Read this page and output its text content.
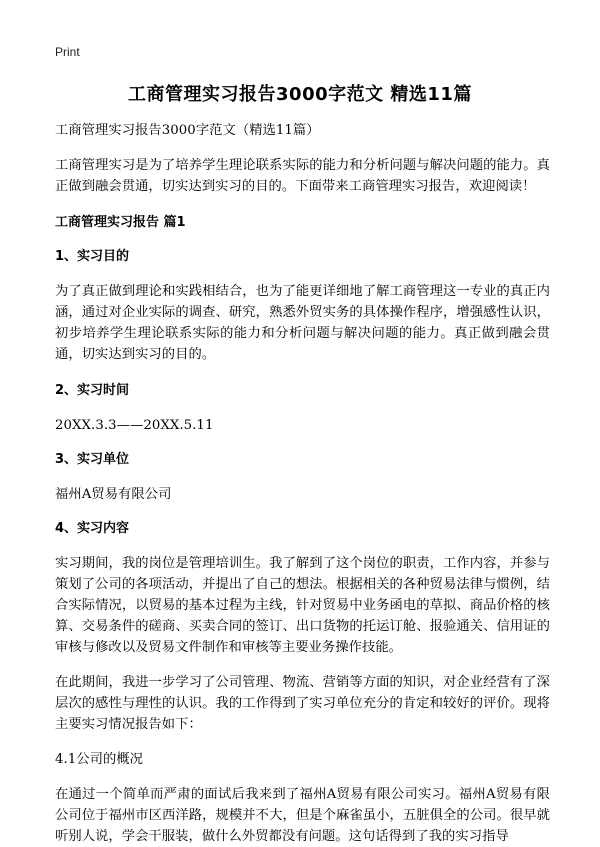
Print
工商管理实习报告3000字范文 精选11篇

工商管理实习报告3000字范文（精选11篇）

工商管理实习是为了培养学生理论联系实际的能力和分析问题与解决问题的能力。真正做到融会贯通，切实达到实习的目的。下面带来工商管理实习报告，欢迎阅读！

工商管理实习报告 篇1

1、实习目的

为了真正做到理论和实践相结合，也为了能更详细地了解工商管理这一专业的真正内涵，通过对企业实际的调查、研究，熟悉外贸实务的具体操作程序，增强感性认识，初步培养学生理论联系实际的能力和分析问题与解决问题的能力。真正做到融会贯通，切实达到实习的目的。

2、实习时间

20XX.3.3——20XX.5.11

3、实习单位

福州A贸易有限公司

4、实习内容

实习期间，我的岗位是管理培训生。我了解到了这个岗位的职责，工作内容，并参与策划了公司的各项活动，并提出了自己的想法。根据相关的各种贸易法律与惯例，结合实际情况，以贸易的基本过程为主线，针对贸易中业务函电的草拟、商品价格的核算、交易条件的磋商、买卖合同的签订、出口货物的托运订舱、报验通关、信用证的审核与修改以及贸易文件制作和审核等主要业务操作技能。

在此期间，我进一步学习了公司管理、物流、营销等方面的知识，对企业经营有了深层次的感性与理性的认识。我的工作得到了实习单位充分的肯定和较好的评价。现将主要实习情况报告如下：

4.1公司的概况

在通过一个简单而严肃的面试后我来到了福州A贸易有限公司实习。福州A贸易有限公司位于福州市区西洋路，规模并不大，但是个麻雀虽小，五脏俱全的公司。很早就听别人说，学会干服装，做什么外贸都没有问题。这句话得到了我的实习指导
